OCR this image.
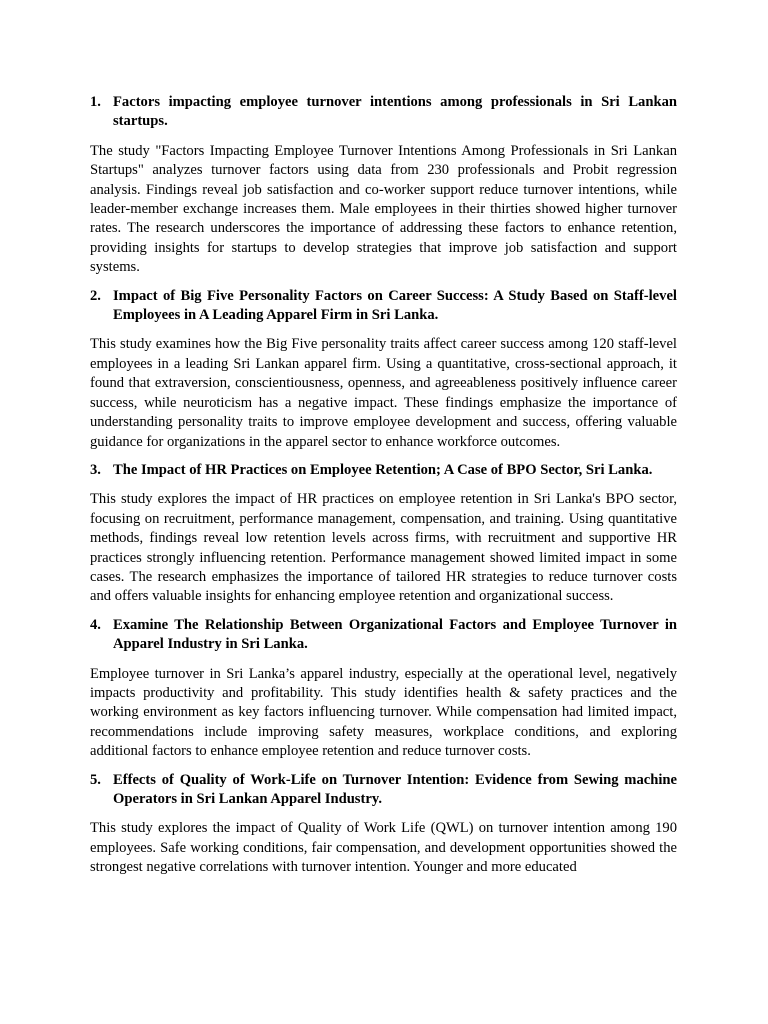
1. Factors impacting employee turnover intentions among professionals in Sri Lankan startups.

The study "Factors Impacting Employee Turnover Intentions Among Professionals in Sri Lankan Startups" analyzes turnover factors using data from 230 professionals and Probit regression analysis. Findings reveal job satisfaction and co-worker support reduce turnover intentions, while leader-member exchange increases them. Male employees in their thirties showed higher turnover rates. The research underscores the importance of addressing these factors to enhance retention, providing insights for startups to develop strategies that improve job satisfaction and support systems.

2. Impact of Big Five Personality Factors on Career Success: A Study Based on Staff-level Employees in A Leading Apparel Firm in Sri Lanka.

This study examines how the Big Five personality traits affect career success among 120 staff-level employees in a leading Sri Lankan apparel firm. Using a quantitative, cross-sectional approach, it found that extraversion, conscientiousness, openness, and agreeableness positively influence career success, while neuroticism has a negative impact. These findings emphasize the importance of understanding personality traits to improve employee development and success, offering valuable guidance for organizations in the apparel sector to enhance workforce outcomes.

3. The Impact of HR Practices on Employee Retention; A Case of BPO Sector, Sri Lanka.

This study explores the impact of HR practices on employee retention in Sri Lanka's BPO sector, focusing on recruitment, performance management, compensation, and training. Using quantitative methods, findings reveal low retention levels across firms, with recruitment and supportive HR practices strongly influencing retention. Performance management showed limited impact in some cases. The research emphasizes the importance of tailored HR strategies to reduce turnover costs and offers valuable insights for enhancing employee retention and organizational success.

4. Examine The Relationship Between Organizational Factors and Employee Turnover in Apparel Industry in Sri Lanka.

Employee turnover in Sri Lanka’s apparel industry, especially at the operational level, negatively impacts productivity and profitability. This study identifies health & safety practices and the working environment as key factors influencing turnover. While compensation had limited impact, recommendations include improving safety measures, workplace conditions, and exploring additional factors to enhance employee retention and reduce turnover costs.

5. Effects of Quality of Work-Life on Turnover Intention: Evidence from Sewing machine Operators in Sri Lankan Apparel Industry.

This study explores the impact of Quality of Work Life (QWL) on turnover intention among 190 employees. Safe working conditions, fair compensation, and development opportunities showed the strongest negative correlations with turnover intention. Younger and more educated
